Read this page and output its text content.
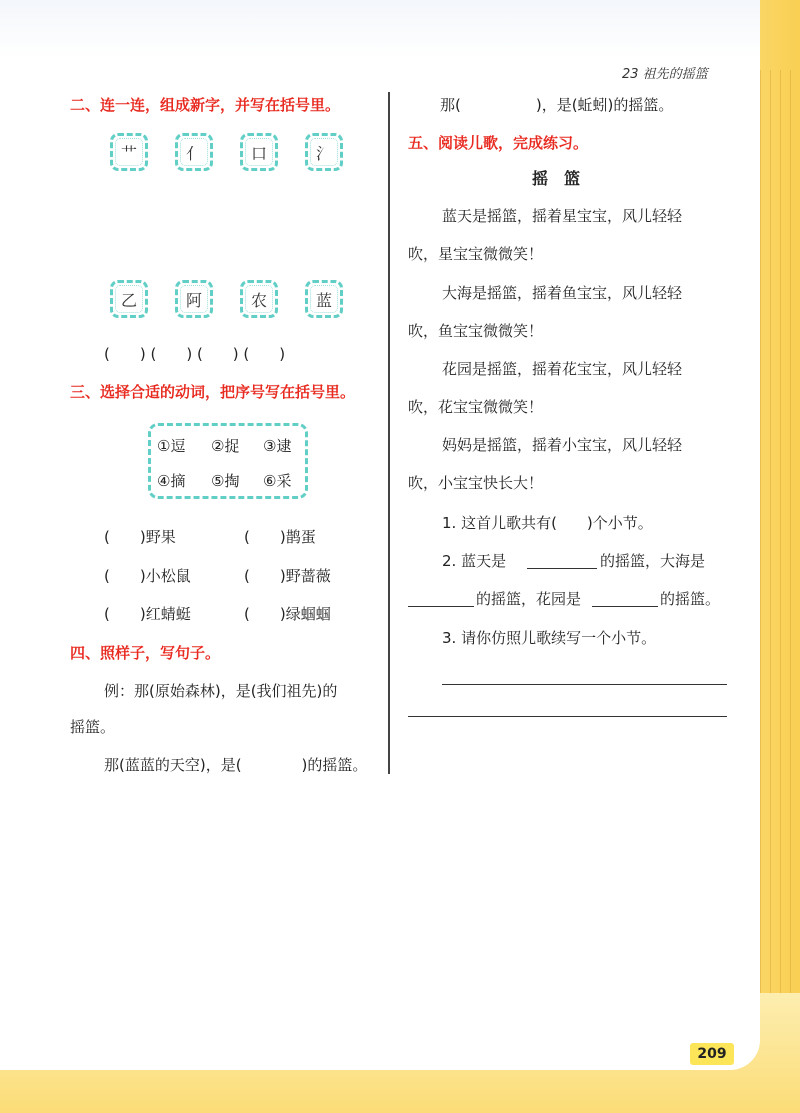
23 祖先的摇篮
二、连一连，组成新字，并写在括号里。
艹	亻	口	氵
乙	阿	农	蓝
(　　) (　　) (　　) (　　)
三、选择合适的动词，把序号写在括号里。
①逗 ②捉 ③逮
④摘 ⑤掏 ⑥采
(　　)野果	(　　)鹊蛋
(　　)小松鼠	(　　)野蔷薇
(　　)红蜻蜓	(　　)绿蝈蝈
四、照样子，写句子。
例：那(原始森林)，是(我们祖先)的
摇篮。
那(蓝蓝的天空)，是(　　　　)的摇篮。
那(　　　　　)，是(蚯蚓)的摇篮。
五、阅读儿歌，完成练习。
摇　篮
蓝天是摇篮，摇着星宝宝，风儿轻轻
吹，星宝宝微微笑！
大海是摇篮，摇着鱼宝宝，风儿轻轻
吹，鱼宝宝微微笑！
花园是摇篮，摇着花宝宝，风儿轻轻
吹，花宝宝微微笑！
妈妈是摇篮，摇着小宝宝，风儿轻轻
吹，小宝宝快长大！
1. 这首儿歌共有(　　)个小节。
2. 蓝天是	的摇篮，大海是
的摇篮，花园是	的摇篮。
3. 请你仿照儿歌续写一个小节。
209
